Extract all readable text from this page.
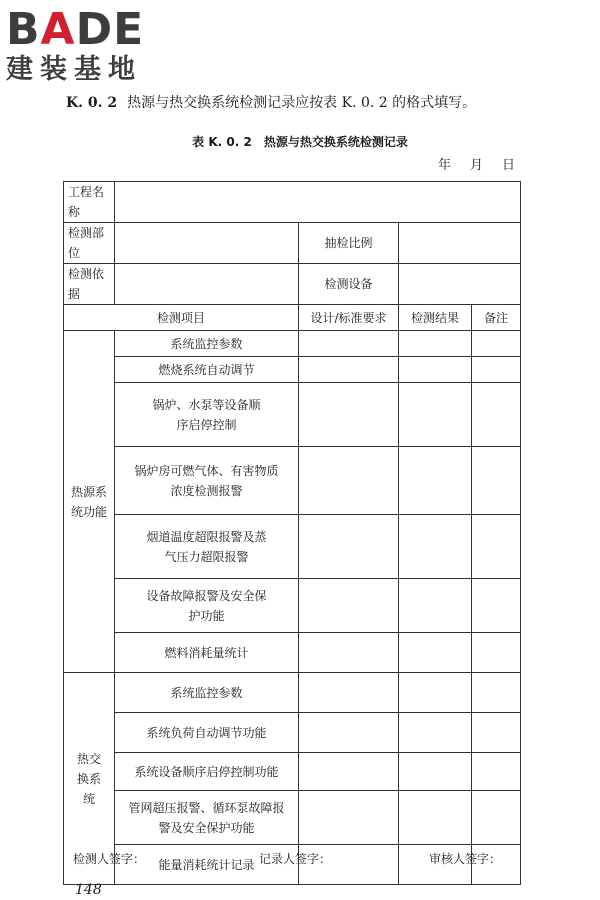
BADE
建装基地
K. 0. 2 热源与热交换系统检测记录应按表 K. 0. 2 的格式填写。
表 K. 0. 2　热源与热交换系统检测记录
年　月　日
工程名称				
检测部位		抽检比例		
检测依据		检测设备		
检测项目		设计/标准要求	检测结果	备注
热源系统功能	系统监控参数			
	燃烧系统自动调节			
	锅炉、水泵等设备顺序启停控制			
	锅炉房可燃气体、有害物质浓度检测报警			
	烟道温度超限报警及蒸气压力超限报警			
	设备故障报警及安全保护功能			
	燃料消耗量统计			
热交换系统	系统监控参数			
	系统负荷自动调节功能			
	系统设备顺序启停控制功能			
	管网超压报警、循环泵故障报警及安全保护功能			
	能量消耗统计记录			
检测人签字：	记录人签字：	审核人签字：
148
